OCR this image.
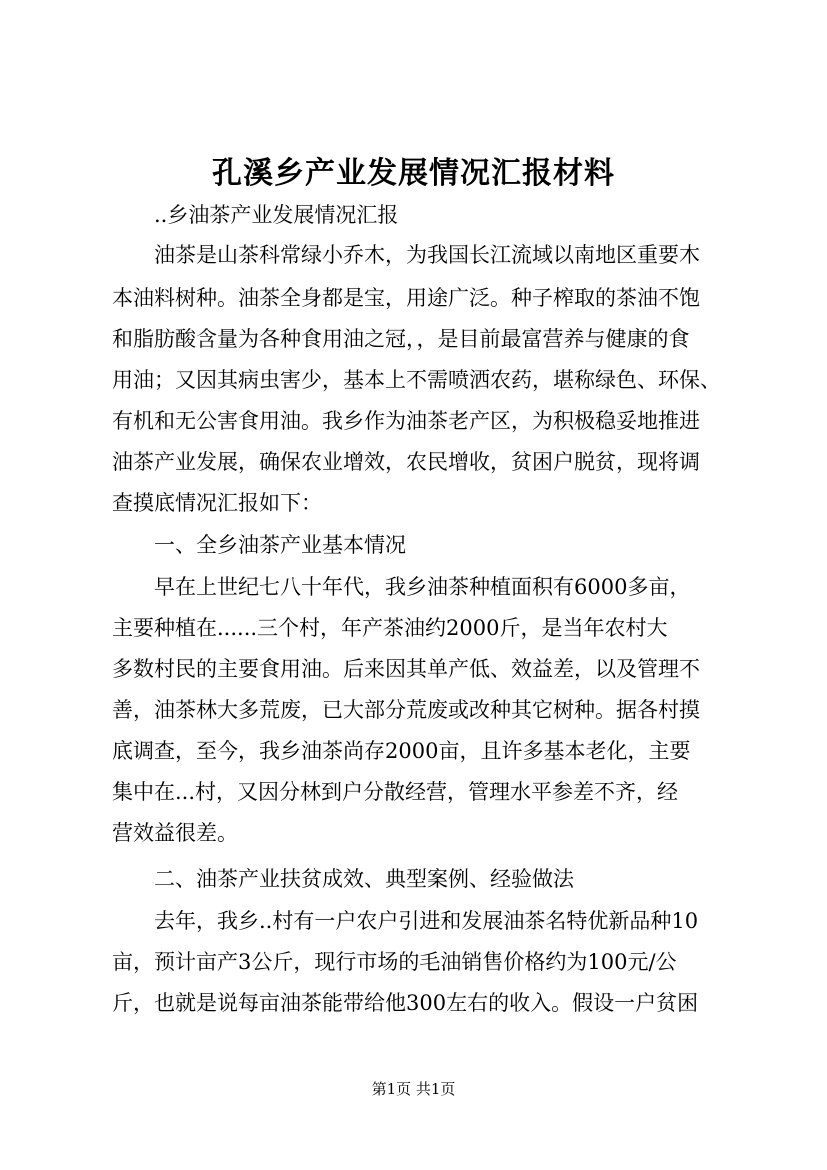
孔溪乡产业发展情况汇报材料
　　..乡油茶产业发展情况汇报
　　油茶是山茶科常绿小乔木，为我国长江流域以南地区重要木
本油料树种。油茶全身都是宝，用途广泛。种子榨取的茶油不饱
和脂肪酸含量为各种食用油之冠，，是目前最富营养与健康的食
用油；又因其病虫害少，基本上不需喷洒农药，堪称绿色、环保、
有机和无公害食用油。我乡作为油茶老产区，为积极稳妥地推进
油茶产业发展，确保农业增效，农民增收，贫困户脱贫，现将调
查摸底情况汇报如下：
　　一、全乡油茶产业基本情况
　　早在上世纪七八十年代，我乡油茶种植面积有6000多亩，
主要种植在......三个村，年产茶油约2000斤，是当年农村大
多数村民的主要食用油。后来因其单产低、效益差，以及管理不
善，油茶林大多荒废，已大部分荒废或改种其它树种。据各村摸
底调查，至今，我乡油茶尚存2000亩，且许多基本老化，主要
集中在...村，又因分林到户分散经营，管理水平参差不齐，经
营效益很差。
　　二、油茶产业扶贫成效、典型案例、经验做法
　　去年，我乡..村有一户农户引进和发展油茶名特优新品种10
亩，预计亩产3公斤，现行市场的毛油销售价格约为100元/公
斤，也就是说每亩油茶能带给他300左右的收入。假设一户贫困
第1页 共1页
